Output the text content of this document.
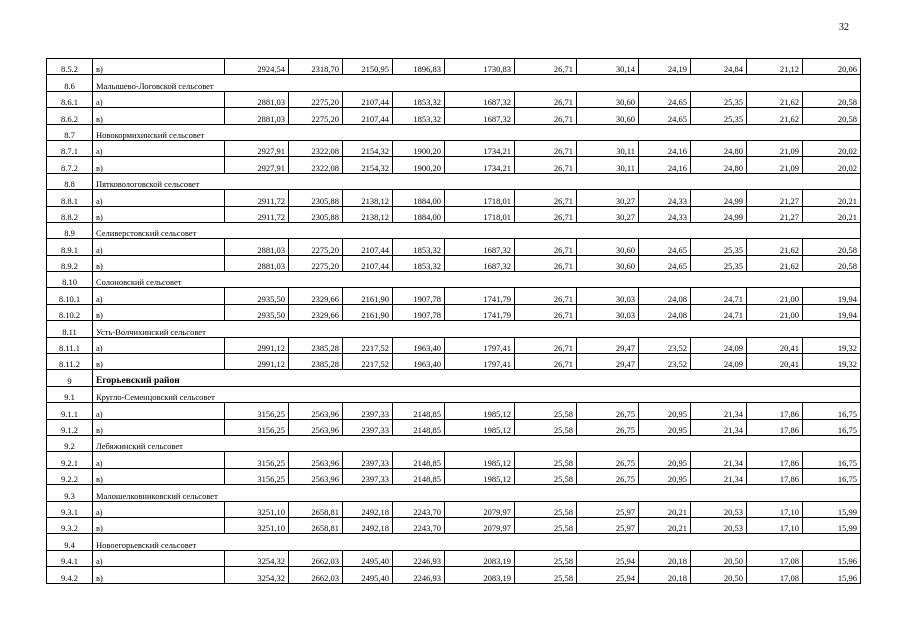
32
8.5.2	в)	2924,54	2318,70	2150,95	1896,83	1730,83	26,71	30,14	24,19	24,84	21,12	20,06
8.6	Малышево-Логовской сельсовет											
8.6.1	а)	2881,03	2275,20	2107,44	1853,32	1687,32	26,71	30,60	24,65	25,35	21,62	20,58
8.6.2	в)	2881,03	2275,20	2107,44	1853,32	1687,32	26,71	30,60	24,65	25,35	21,62	20,58
8.7	Новокормихинский сельсовет											
8.7.1	а)	2927,91	2322,08	2154,32	1900,20	1734,21	26,71	30,11	24,16	24,80	21,09	20,02
8.7.2	в)	2927,91	2322,08	2154,32	1900,20	1734,21	26,71	30,11	24,16	24,80	21,09	20,02
8.8	Пятковологовской сельсовет											
8.8.1	а)	2911,72	2305,88	2138,12	1884,00	1718,01	26,71	30,27	24,33	24,99	21,27	20,21
8.8.2	в)	2911,72	2305,88	2138,12	1884,00	1718,01	26,71	30,27	24,33	24,99	21,27	20,21
8.9	Селиверстовский сельсовет											
8.9.1	а)	2881,03	2275,20	2107,44	1853,32	1687,32	26,71	30,60	24,65	25,35	21,62	20,58
8.9.2	в)	2881,03	2275,20	2107,44	1853,32	1687,32	26,71	30,60	24,65	25,35	21,62	20,58
8.10	Солоновский сельсовет											
8.10.1	а)	2935,50	2329,66	2161,90	1907,78	1741,79	26,71	30,03	24,08	24,71	21,00	19,94
8.10.2	в)	2935,50	2329,66	2161,90	1907,78	1741,79	26,71	30,03	24,08	24,71	21,00	19,94
8.11	Усть-Волчихинский сельсовет											
8.11.1	а)	2991,12	2385,28	2217,52	1963,40	1797,41	26,71	29,47	23,52	24,09	20,41	19,32
8.11.2	в)	2991,12	2385,28	2217,52	1963,40	1797,41	26,71	29,47	23,52	24,09	20,41	19,32
9	Егорьевский район											
9.1	Кругло-Семенцовский сельсовет											
9.1.1	а)	3156,25	2563,96	2397,33	2148,85	1985,12	25,58	26,75	20,95	21,34	17,86	16,75
9.1.2	в)	3156,25	2563,96	2397,33	2148,85	1985,12	25,58	26,75	20,95	21,34	17,86	16,75
9.2	Лебяжинский сельсовет											
9.2.1	а)	3156,25	2563,96	2397,33	2148,85	1985,12	25,58	26,75	20,95	21,34	17,86	16,75
9.2.2	в)	3156,25	2563,96	2397,33	2148,85	1985,12	25,58	26,75	20,95	21,34	17,86	16,75
9.3	Малошелковниковский сельсовет											
9.3.1	а)	3251,10	2658,81	2492,18	2243,70	2079,97	25,58	25,97	20,21	20,53	17,10	15,99
9.3.2	в)	3251,10	2658,81	2492,18	2243,70	2079,97	25,58	25,97	20,21	20,53	17,10	15,99
9.4	Новоегорьевский сельсовет											
9.4.1	а)	3254,32	2662,03	2495,40	2246,93	2083,19	25,58	25,94	20,18	20,50	17,08	15,96
9.4.2	в)	3254,32	2662,03	2495,40	2246,93	2083,19	25,58	25,94	20,18	20,50	17,08	15,96
